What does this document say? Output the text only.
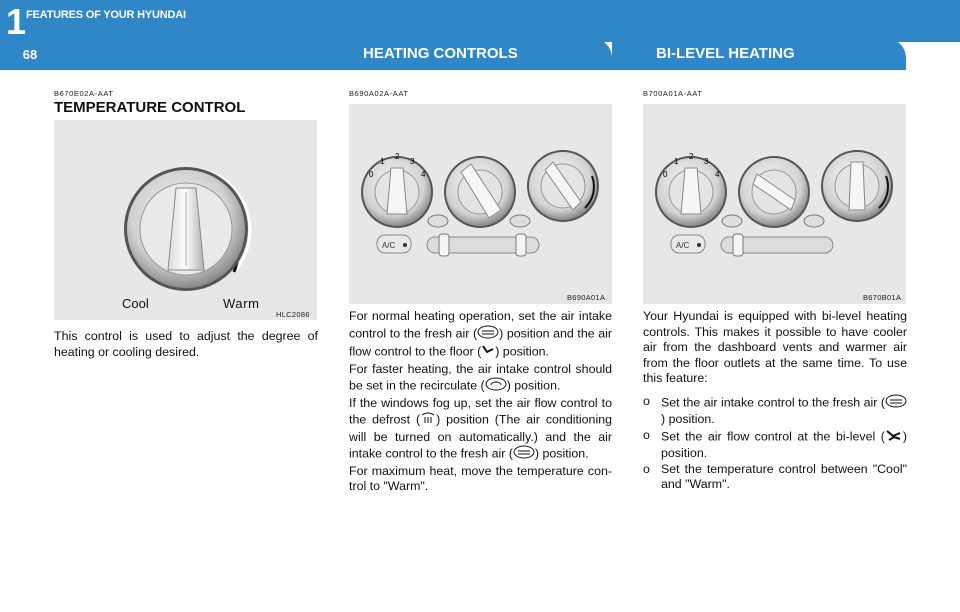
1 FEATURES OF YOUR HYUNDAI
68	HEATING CONTROLS	BI-LEVEL HEATING
B670E02A-AAT
TEMPERATURE CONTROL
Cool	Warm
HLC2086
This control is used to adjust the degree of heating or cooling desired.
B690A02A-AAT
0
1
2
3
4
A/C
B690A01A

For normal heating operation, set the air intake control to the fresh air ( ) position and the air flow control to the floor ( ) position.

For faster heating, the air intake control should be set in the recirculate ( ) position.

If the windows fog up, set the air flow control to the defrost ( ) position (The air conditioning will be turned on automatically.) and the air intake control to the fresh air ( ) position.

For maximum heat, move the temperature con-trol to "Warm".

B700A01A-AAT
0
1
2
3
4
A/C
B670B01A

Your Hyundai is equipped with bi-level heating controls. This makes it possible to have cooler air from the dashboard vents and warmer air from the floor outlets at the same time. To use this feature:

o Set the air intake control to the fresh air () position.
o Set the air flow control at the bi-level ( ) position.
o Set the temperature control between "Cool" and "Warm".
